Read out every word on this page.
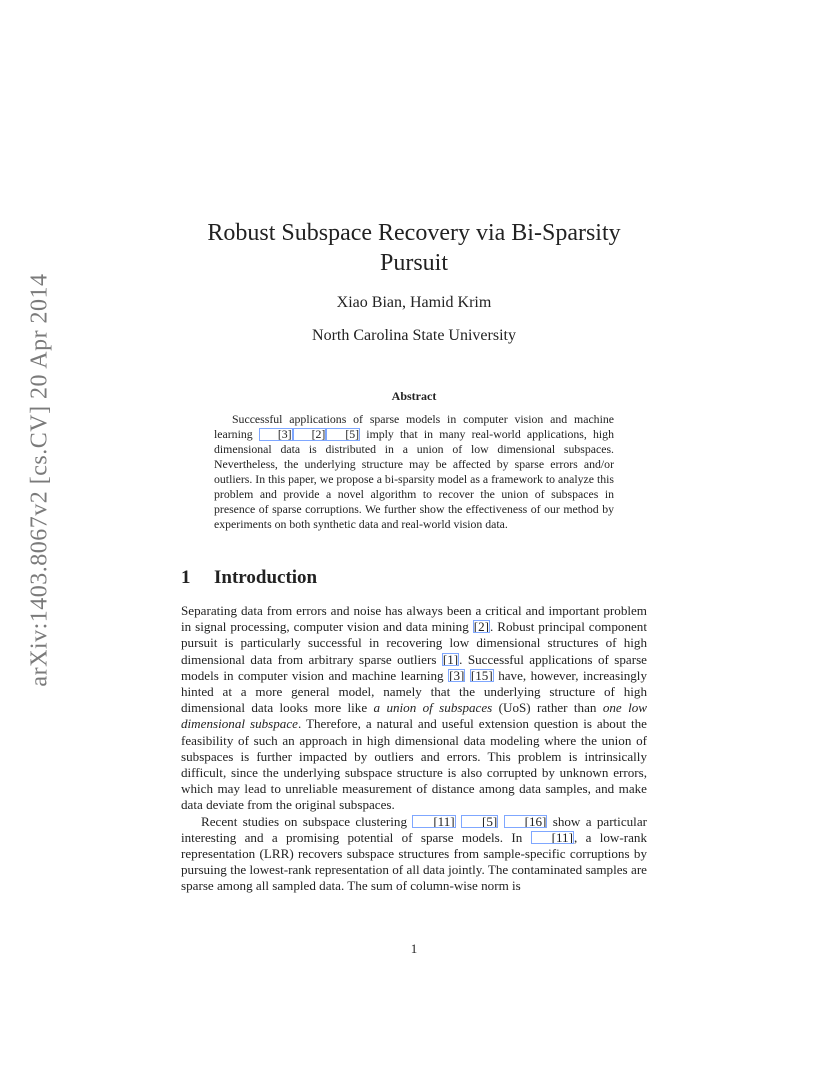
arXiv:1403.8067v2 [cs.CV] 20 Apr 2014
Robust Subspace Recovery via Bi-Sparsity Pursuit
Xiao Bian, Hamid Krim
North Carolina State University
Abstract

Successful applications of sparse models in computer vision and machine learning [3] [2] [5] imply that in many real-world applications, high dimensional data is distributed in a union of low dimensional subspaces. Nevertheless, the underlying structure may be affected by sparse errors and/or outliers. In this paper, we propose a bi-sparsity model as a framework to analyze this problem and provide a novel algorithm to recover the union of subspaces in presence of sparse corruptions. We further show the effectiveness of our method by experiments on both synthetic data and real-world vision data.

1 Introduction

Separating data from errors and noise has always been a critical and important problem in signal processing, computer vision and data mining [2]. Robust principal component pursuit is particularly successful in recovering low dimensional structures of high dimensional data from arbitrary sparse outliers [1]. Successful applications of sparse models in computer vision and machine learning [3] [15] have, however, increasingly hinted at a more general model, namely that the underlying structure of high dimensional data looks more like a union of subspaces (UoS) rather than one low dimensional subspace. Therefore, a natural and useful extension question is about the feasibility of such an approach in high dimensional data modeling where the union of subspaces is further impacted by outliers and errors. This problem is intrinsically difficult, since the underlying subspace structure is also corrupted by unknown errors, which may lead to unreliable measurement of distance among data samples, and make data deviate from the original subspaces.

Recent studies on subspace clustering [11] [5] [16] show a particular interesting and a promising potential of sparse models. In [11], a low-rank representation (LRR) recovers subspace structures from sample-specific corruptions by pursuing the lowest-rank representation of all data jointly. The contaminated samples are sparse among all sampled data. The sum of column-wise norm is

1
